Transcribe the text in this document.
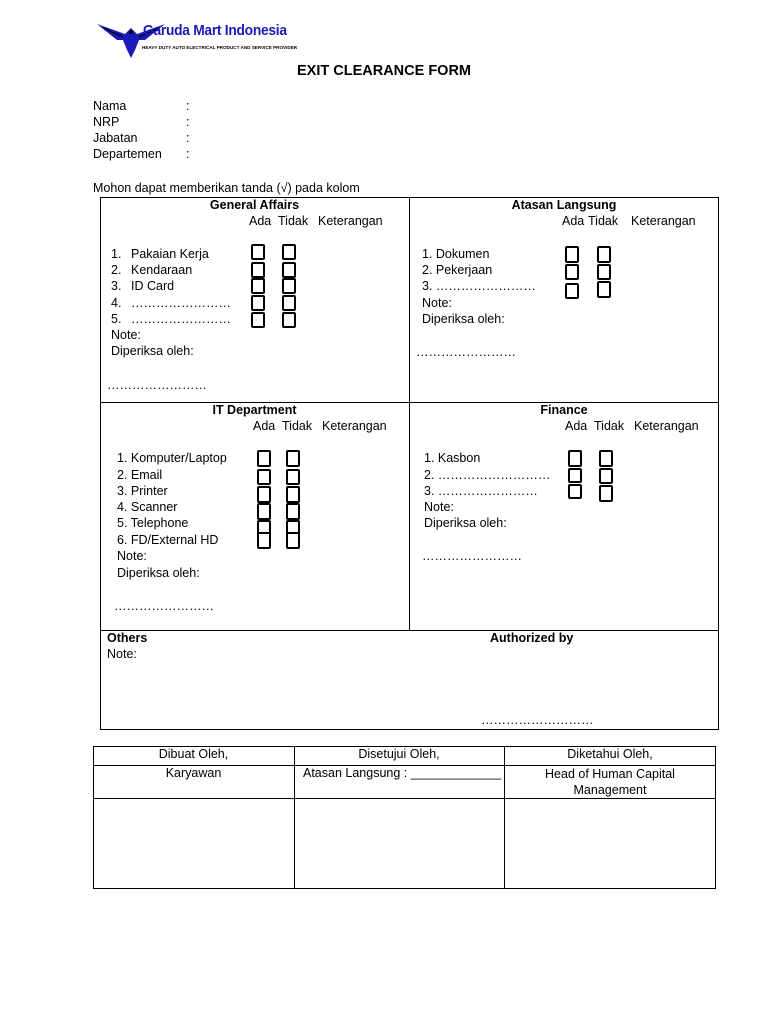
Garuda Mart Indonesia
HEAVY DUTY AUTO ELECTRICAL PRODUCT AND SERVICE PROVIDER
EXIT CLEARANCE FORM
Nama	:
NRP	:
Jabatan	:
Departemen :
Mohon dapat memberikan tanda (√) pada kolom
General Affairs
Ada Tidak Keterangan
1. Pakaian Kerja
2. Kendaraan
3. ID Card
4. ……………………
5. ……………………
Note:
Diperiksa oleh:
……………………
Atasan Langsung
Ada Tidak Keterangan
1. Dokumen
2. Pekerjaan
3. ……………………
Note:
Diperiksa oleh:
……………………
IT Department
Ada Tidak Keterangan
1. Komputer/Laptop
2. Email
3. Printer
4. Scanner
5. Telephone
6. FD/External HD
Note:
Diperiksa oleh:
……………………
Finance
Ada Tidak Keterangan
1. Kasbon
2. ………………………
3. ……………………
Note:
Diperiksa oleh:
……………………
Others
Note:
Authorized by
………………………
Dibuat Oleh,	Disetujui Oleh,	Diketahui Oleh,
Karyawan	Atasan Langsung : _____________	Head of Human Capital Management
